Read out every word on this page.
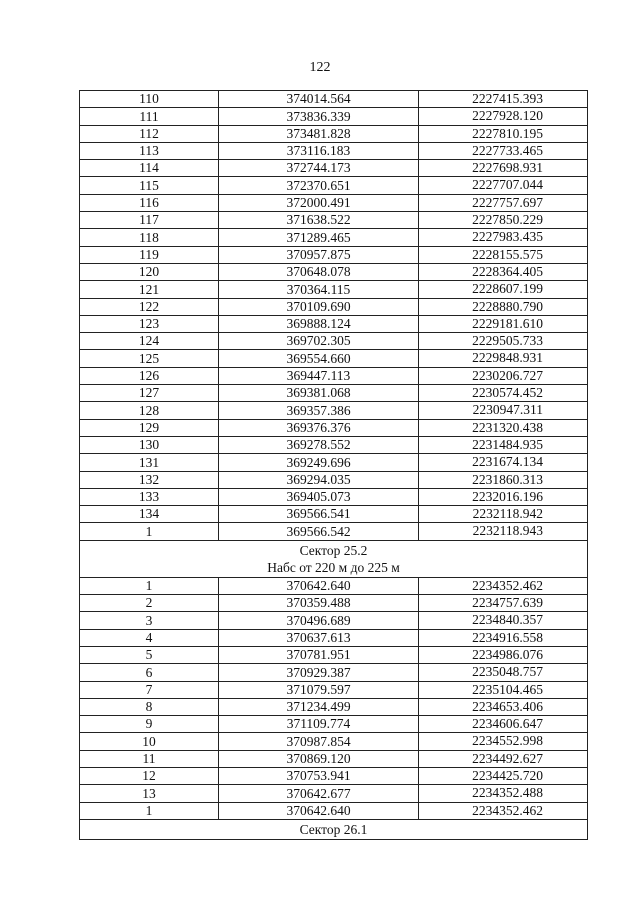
122
110	374014.564	2227415.393
111	373836.339	2227928.120
112	373481.828	2227810.195
113	373116.183	2227733.465
114	372744.173	2227698.931
115	372370.651	2227707.044
116	372000.491	2227757.697
117	371638.522	2227850.229
118	371289.465	2227983.435
119	370957.875	2228155.575
120	370648.078	2228364.405
121	370364.115	2228607.199
122	370109.690	2228880.790
123	369888.124	2229181.610
124	369702.305	2229505.733
125	369554.660	2229848.931
126	369447.113	2230206.727
127	369381.068	2230574.452
128	369357.386	2230947.311
129	369376.376	2231320.438
130	369278.552	2231484.935
131	369249.696	2231674.134
132	369294.035	2231860.313
133	369405.073	2232016.196
134	369566.541	2232118.942
1	369566.542	2232118.943

Сектор 25.2
Набс от 220 м до 225 м		

1	370642.640	2234352.462
2	370359.488	2234757.639
3	370496.689	2234840.357
4	370637.613	2234916.558
5	370781.951	2234986.076
6	370929.387	2235048.757
7	371079.597	2235104.465
8	371234.499	2234653.406
9	371109.774	2234606.647
10	370987.854	2234552.998
11	370869.120	2234492.627
12	370753.941	2234425.720
13	370642.677	2234352.488
1	370642.640	2234352.462

Сектор 26.1		
